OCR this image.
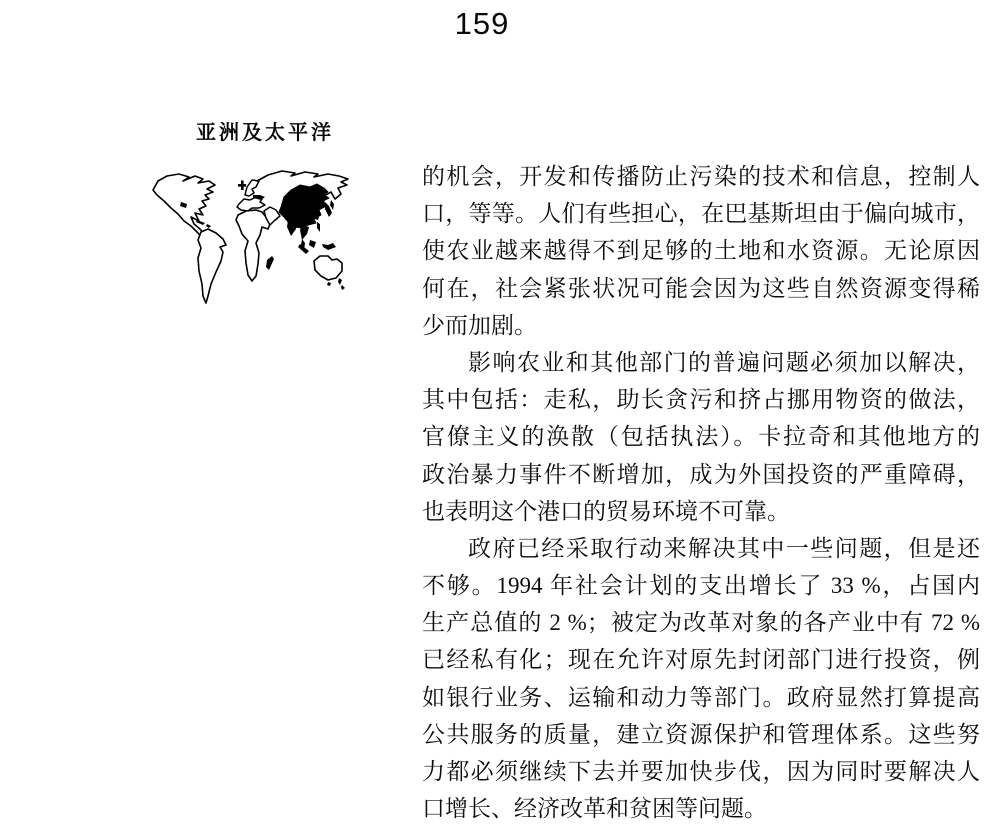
159
亚洲及太平洋
的机会，开发和传播防止污染的技术和信息，控制人
口，等等。人们有些担心，在巴基斯坦由于偏向城市，
使农业越来越得不到足够的土地和水资源。无论原因
何在，社会紧张状况可能会因为这些自然资源变得稀
少而加剧。
影响农业和其他部门的普遍问题必须加以解决，
其中包括：走私，助长贪污和挤占挪用物资的做法，
官僚主义的涣散（包括执法）。卡拉奇和其他地方的
政治暴力事件不断增加，成为外国投资的严重障碍，
也表明这个港口的贸易环境不可靠。
政府已经采取行动来解决其中一些问题，但是还
不够。1994 年社会计划的支出增长了 33 %，占国内
生产总值的 2 %；被定为改革对象的各产业中有 72 %
已经私有化；现在允许对原先封闭部门进行投资，例
如银行业务、运输和动力等部门。政府显然打算提高
公共服务的质量，建立资源保护和管理体系。这些努
力都必须继续下去并要加快步伐，因为同时要解决人
口增长、经济改革和贫困等问题。
